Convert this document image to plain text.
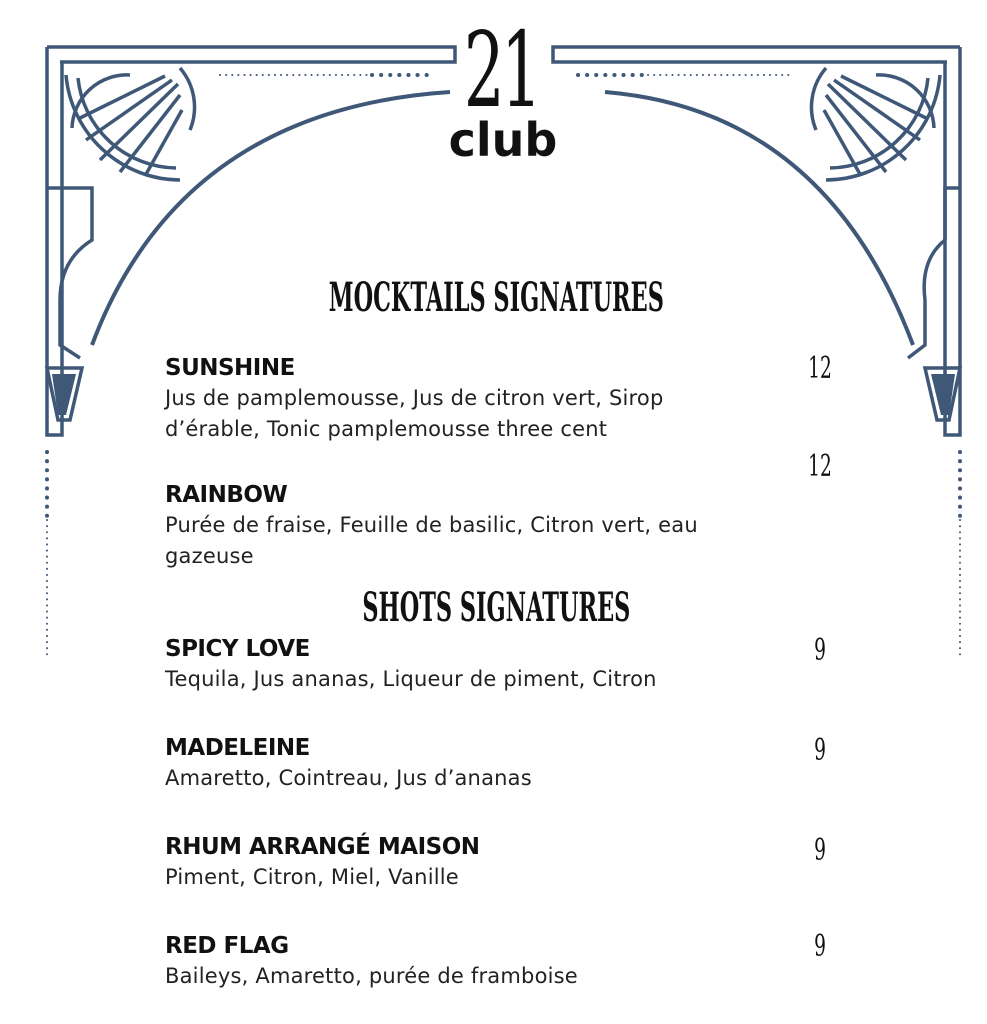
21
club
MOCKTAILS SIGNATURES
SUNSHINE
Jus de pamplemousse, Jus de citron vert, Sirop d’érable, Tonic pamplemousse three cent
12
12
RAINBOW
Purée de fraise, Feuille de basilic, Citron vert, eau gazeuse
SHOTS SIGNATURES
SPICY LOVE
Tequila, Jus ananas, Liqueur de piment, Citron
9
MADELEINE
Amaretto, Cointreau, Jus d’ananas
9
RHUM ARRANGÉ MAISON
Piment, Citron, Miel, Vanille
9
RED FLAG
Baileys, Amaretto, purée de framboise
9
